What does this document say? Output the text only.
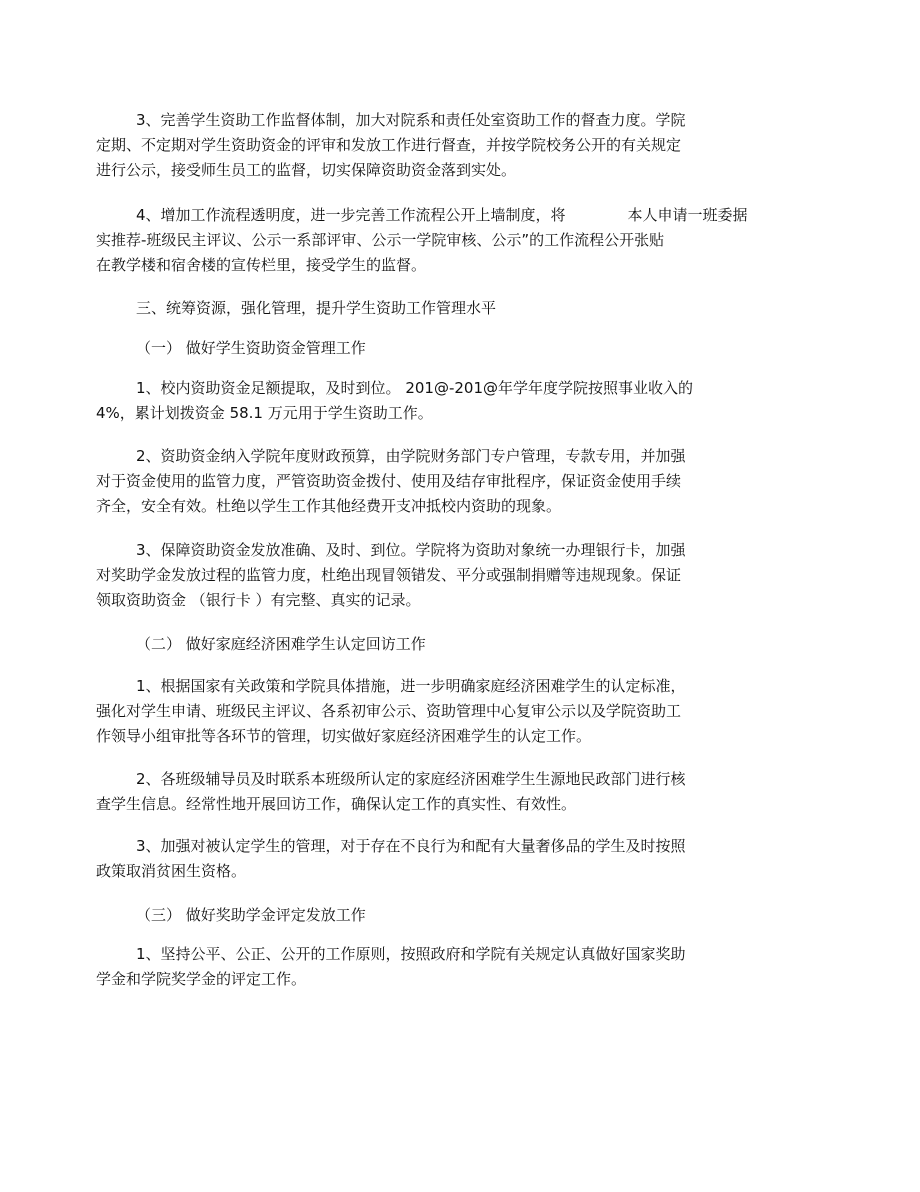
3、完善学生资助工作监督体制，加大对院系和责任处室资助工作的督查力度。学院
定期、不定期对学生资助资金的评审和发放工作进行督查，并按学院校务公开的有关规定
进行公示，接受师生员工的监督，切实保障资助资金落到实处。
4、增加工作流程透明度，进一步完善工作流程公开上墙制度，将	本人申请一班委据
实推荐-班级民主评议、公示一系部评审、公示一学院审核、公示”的工作流程公开张贴
在教学楼和宿舍楼的宣传栏里，接受学生的监督。
三、统筹资源，强化管理，提升学生资助工作管理水平
（一） 做好学生资助资金管理工作
1、校内资助资金足额提取，及时到位。 201@-201@年学年度学院按照事业收入的
4%，累计划拨资金 58.1 万元用于学生资助工作。
2、资助资金纳入学院年度财政预算，由学院财务部门专户管理，专款专用，并加强
对于资金使用的监管力度，严管资助资金拨付、使用及结存审批程序，保证资金使用手续
齐全，安全有效。杜绝以学生工作其他经费开支冲抵校内资助的现象。
3、保障资助资金发放准确、及时、到位。学院将为资助对象统一办理银行卡，加强
对奖助学金发放过程的监管力度，杜绝出现冒领错发、平分或强制捐赠等违规现象。保证
领取资助资金 （银行卡 ）有完整、真实的记录。
（二） 做好家庭经济困难学生认定回访工作
1、根据国家有关政策和学院具体措施，进一步明确家庭经济困难学生的认定标准，
强化对学生申请、班级民主评议、各系初审公示、资助管理中心复审公示以及学院资助工
作领导小组审批等各环节的管理，切实做好家庭经济困难学生的认定工作。
2、各班级辅导员及时联系本班级所认定的家庭经济困难学生生源地民政部门进行核
查学生信息。经常性地开展回访工作，确保认定工作的真实性、有效性。
3、加强对被认定学生的管理，对于存在不良行为和配有大量奢侈品的学生及时按照
政策取消贫困生资格。
（三） 做好奖助学金评定发放工作
1、坚持公平、公正、公开的工作原则，按照政府和学院有关规定认真做好国家奖助
学金和学院奖学金的评定工作。
